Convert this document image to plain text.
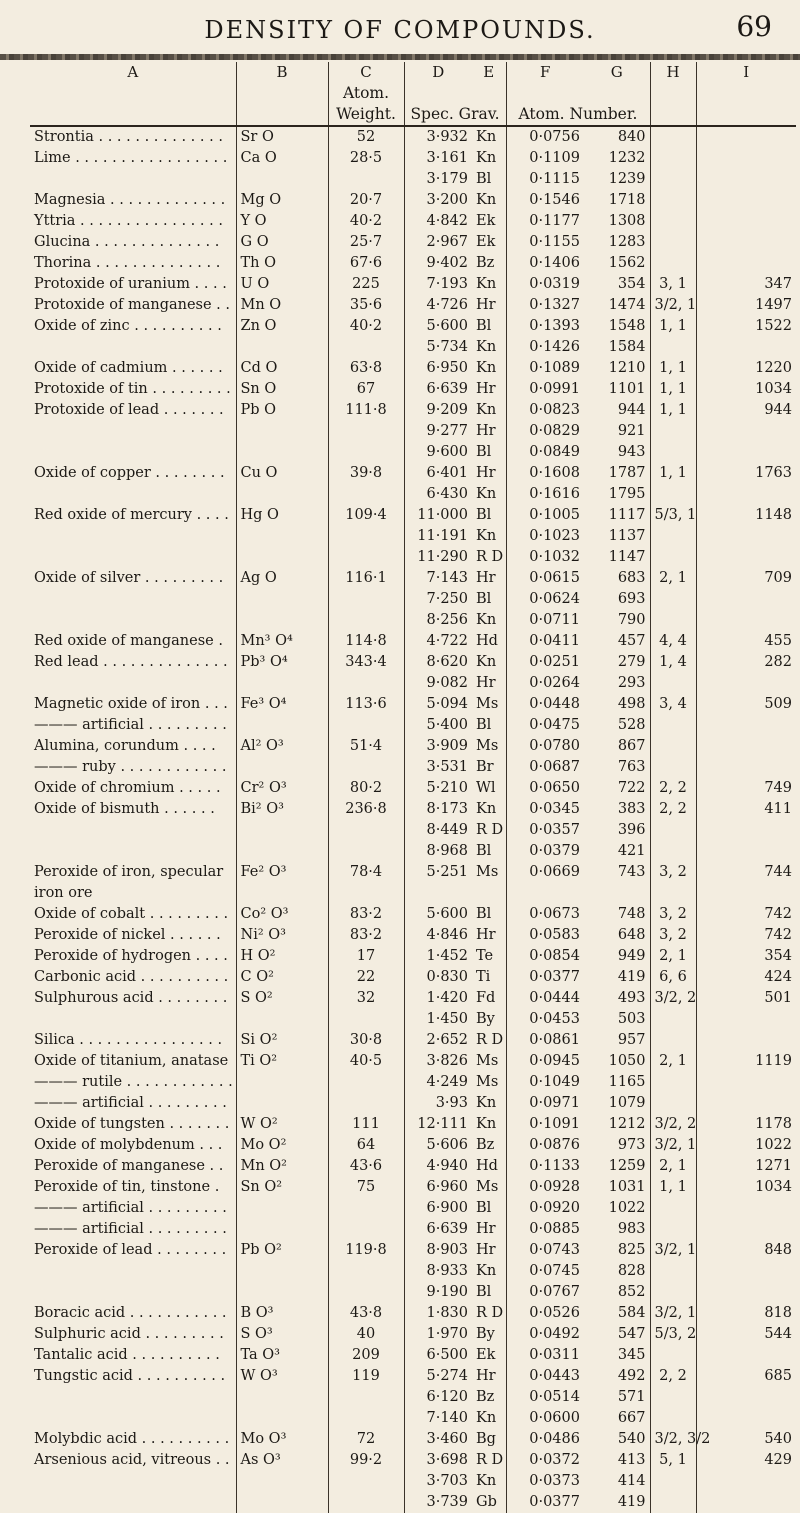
DENSITY OF COMPOUNDS.	69
A	B	C	D	E	F	G	H	I
		Atom.						
		Weight.	Spec. Grav.		Atom. Number.			
Strontia . . . . . . . . . . . . . .	Sr O	52	3·932	Kn	0·0756	840		
Lime . . . . . . . . . . . . . . . . .	Ca O	28·5	3·161	Kn	0·1109	1232		
			3·179	Bl	0·1115	1239		
Magnesia . . . . . . . . . . . . .	Mg O	20·7	3·200	Kn	0·1546	1718		
Yttria . . . . . . . . . . . . . . . .	Y O	40·2	4·842	Ek	0·1177	1308		
Glucina . . . . . . . . . . . . . .	G O	25·7	2·967	Ek	0·1155	1283		
Thorina . . . . . . . . . . . . . .	Th O	67·6	9·402	Bz	0·1406	1562		
Protoxide of uranium . . . .	U O	225	7·193	Kn	0·0319	354	3, 1	347
Protoxide of manganese . .	Mn O	35·6	4·726	Hr	0·1327	1474	3/2, 1	1497
Oxide of zinc . . . . . . . . . .	Zn O	40·2	5·600	Bl	0·1393	1548	1, 1	1522
			5·734	Kn	0·1426	1584		
Oxide of cadmium . . . . . .	Cd O	63·8	6·950	Kn	0·1089	1210	1, 1	1220
Protoxide of tin . . . . . . . . .	Sn O	67	6·639	Hr	0·0991	1101	1, 1	1034
Protoxide of lead . . . . . . .	Pb O	111·8	9·209	Kn	0·0823	944	1, 1	944
			9·277	Hr	0·0829	921		
			9·600	Bl	0·0849	943		
Oxide of copper . . . . . . . .	Cu O	39·8	6·401	Hr	0·1608	1787	1, 1	1763
			6·430	Kn	0·1616	1795		
Red oxide of mercury . . . .	Hg O	109·4	11·000	Bl	0·1005	1117	5/3, 1	1148
			11·191	Kn	0·1023	1137		
			11·290	R D	0·1032	1147		
Oxide of silver . . . . . . . . .	Ag O	116·1	7·143	Hr	0·0615	683	2, 1	709
			7·250	Bl	0·0624	693		
			8·256	Kn	0·0711	790		
Red oxide of manganese .	Mn³ O⁴	114·8	4·722	Hd	0·0411	457	4, 4	455
Red lead . . . . . . . . . . . . . .	Pb³ O⁴	343·4	8·620	Kn	0·0251	279	1, 4	282
			9·082	Hr	0·0264	293		
Magnetic oxide of iron . . .	Fe³ O⁴	113·6	5·094	Ms	0·0448	498	3, 4	509
——— artificial . . . . . . . . .			5·400	Bl	0·0475	528		
Alumina, corundum . . . .	Al² O³	51·4	3·909	Ms	0·0780	867		
——— ruby . . . . . . . . . . . .			3·531	Br	0·0687	763		
Oxide of chromium . . . . .	Cr² O³	80·2	5·210	Wl	0·0650	722	2, 2	749
Oxide of bismuth . . . . . .	Bi² O³	236·8	8·173	Kn	0·0345	383	2, 2	411
			8·449	R D	0·0357	396		
			8·968	Bl	0·0379	421		
Peroxide of iron, specular	Fe² O³	78·4	5·251	Ms	0·0669	743	3, 2	744
iron ore								
Oxide of cobalt . . . . . . . . .	Co² O³	83·2	5·600	Bl	0·0673	748	3, 2	742
Peroxide of nickel . . . . . .	Ni² O³	83·2	4·846	Hr	0·0583	648	3, 2	742
Peroxide of hydrogen . . . .	H O²	17	1·452	Te	0·0854	949	2, 1	354
Carbonic acid . . . . . . . . . .	C O²	22	0·830	Ti	0·0377	419	6, 6	424
Sulphurous acid . . . . . . . .	S O²	32	1·420	Fd	0·0444	493	3/2, 2	501
			1·450	By	0·0453	503		
Silica . . . . . . . . . . . . . . . .	Si O²	30·8	2·652	R D	0·0861	957		
Oxide of titanium, anatase	Ti O²	40·5	3·826	Ms	0·0945	1050	2, 1	1119
——— rutile . . . . . . . . . . . .			4·249	Ms	0·1049	1165		
——— artificial . . . . . . . . .			3·93	Kn	0·0971	1079		
Oxide of tungsten . . . . . . .	W O²	111	12·111	Kn	0·1091	1212	3/2, 2	1178
Oxide of molybdenum . . .	Mo O²	64	5·606	Bz	0·0876	973	3/2, 1	1022
Peroxide of manganese . .	Mn O²	43·6	4·940	Hd	0·1133	1259	2, 1	1271
Peroxide of tin, tinstone .	Sn O²	75	6·960	Ms	0·0928	1031	1, 1	1034
——— artificial . . . . . . . . .			6·900	Bl	0·0920	1022		
——— artificial . . . . . . . . .			6·639	Hr	0·0885	983		
Peroxide of lead . . . . . . . .	Pb O²	119·8	8·903	Hr	0·0743	825	3/2, 1	848
			8·933	Kn	0·0745	828		
			9·190	Bl	0·0767	852		
Boracic acid . . . . . . . . . . .	B O³	43·8	1·830	R D	0·0526	584	3/2, 1	818
Sulphuric acid . . . . . . . . .	S O³	40	1·970	By	0·0492	547	5/3, 2	544
Tantalic acid . . . . . . . . . .	Ta O³	209	6·500	Ek	0·0311	345		
Tungstic acid . . . . . . . . . .	W O³	119	5·274	Hr	0·0443	492	2, 2	685
			6·120	Bz	0·0514	571		
			7·140	Kn	0·0600	667		
Molybdic acid . . . . . . . . . .	Mo O³	72	3·460	Bg	0·0486	540	3/2, 3/2	540
Arsenious acid, vitreous . .	As O³	99·2	3·698	R D	0·0372	413	5, 1	429
			3·703	Kn	0·0373	414		
			3·739	Gb	0·0377	419		
